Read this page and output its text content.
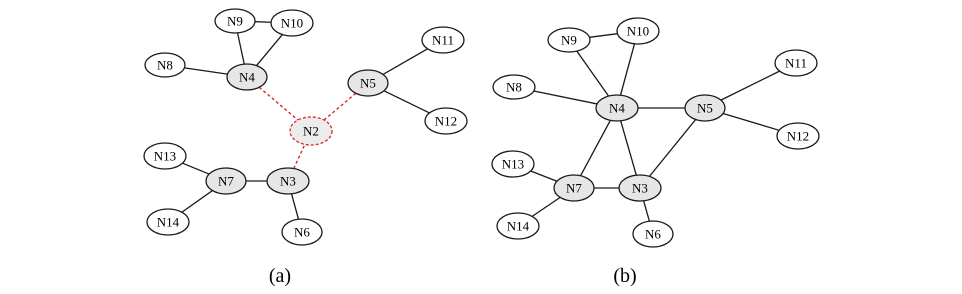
N9	N10
N8
N4
N11
N5
N2
N12
N13
N7	N3
N14
N6
(a)
N9
N10
N8
N4	N5
N11
N12
N13
N7	N3
N14
N6
(b)
